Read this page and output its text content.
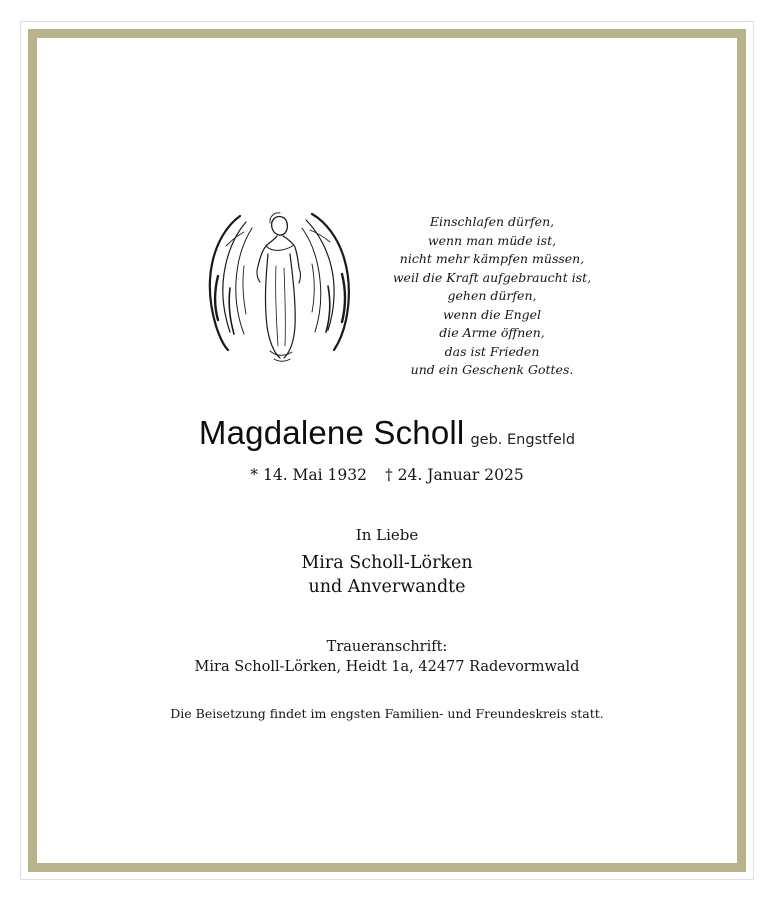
Einschlafen dürfen,
wenn man müde ist,
nicht mehr kämpfen müssen,
weil die Kraft aufgebraucht ist,
gehen dürfen,
wenn die Engel
die Arme öffnen,
das ist Frieden
und ein Geschenk Gottes.
Magdalene Scholl geb. Engstfeld
* 14. Mai 1932 † 24. Januar 2025
In Liebe
Mira Scholl-Lörken
und Anverwandte
Traueranschrift:
Mira Scholl-Lörken, Heidt 1a, 42477 Radevormwald
Die Beisetzung findet im engsten Familien- und Freundeskreis statt.
